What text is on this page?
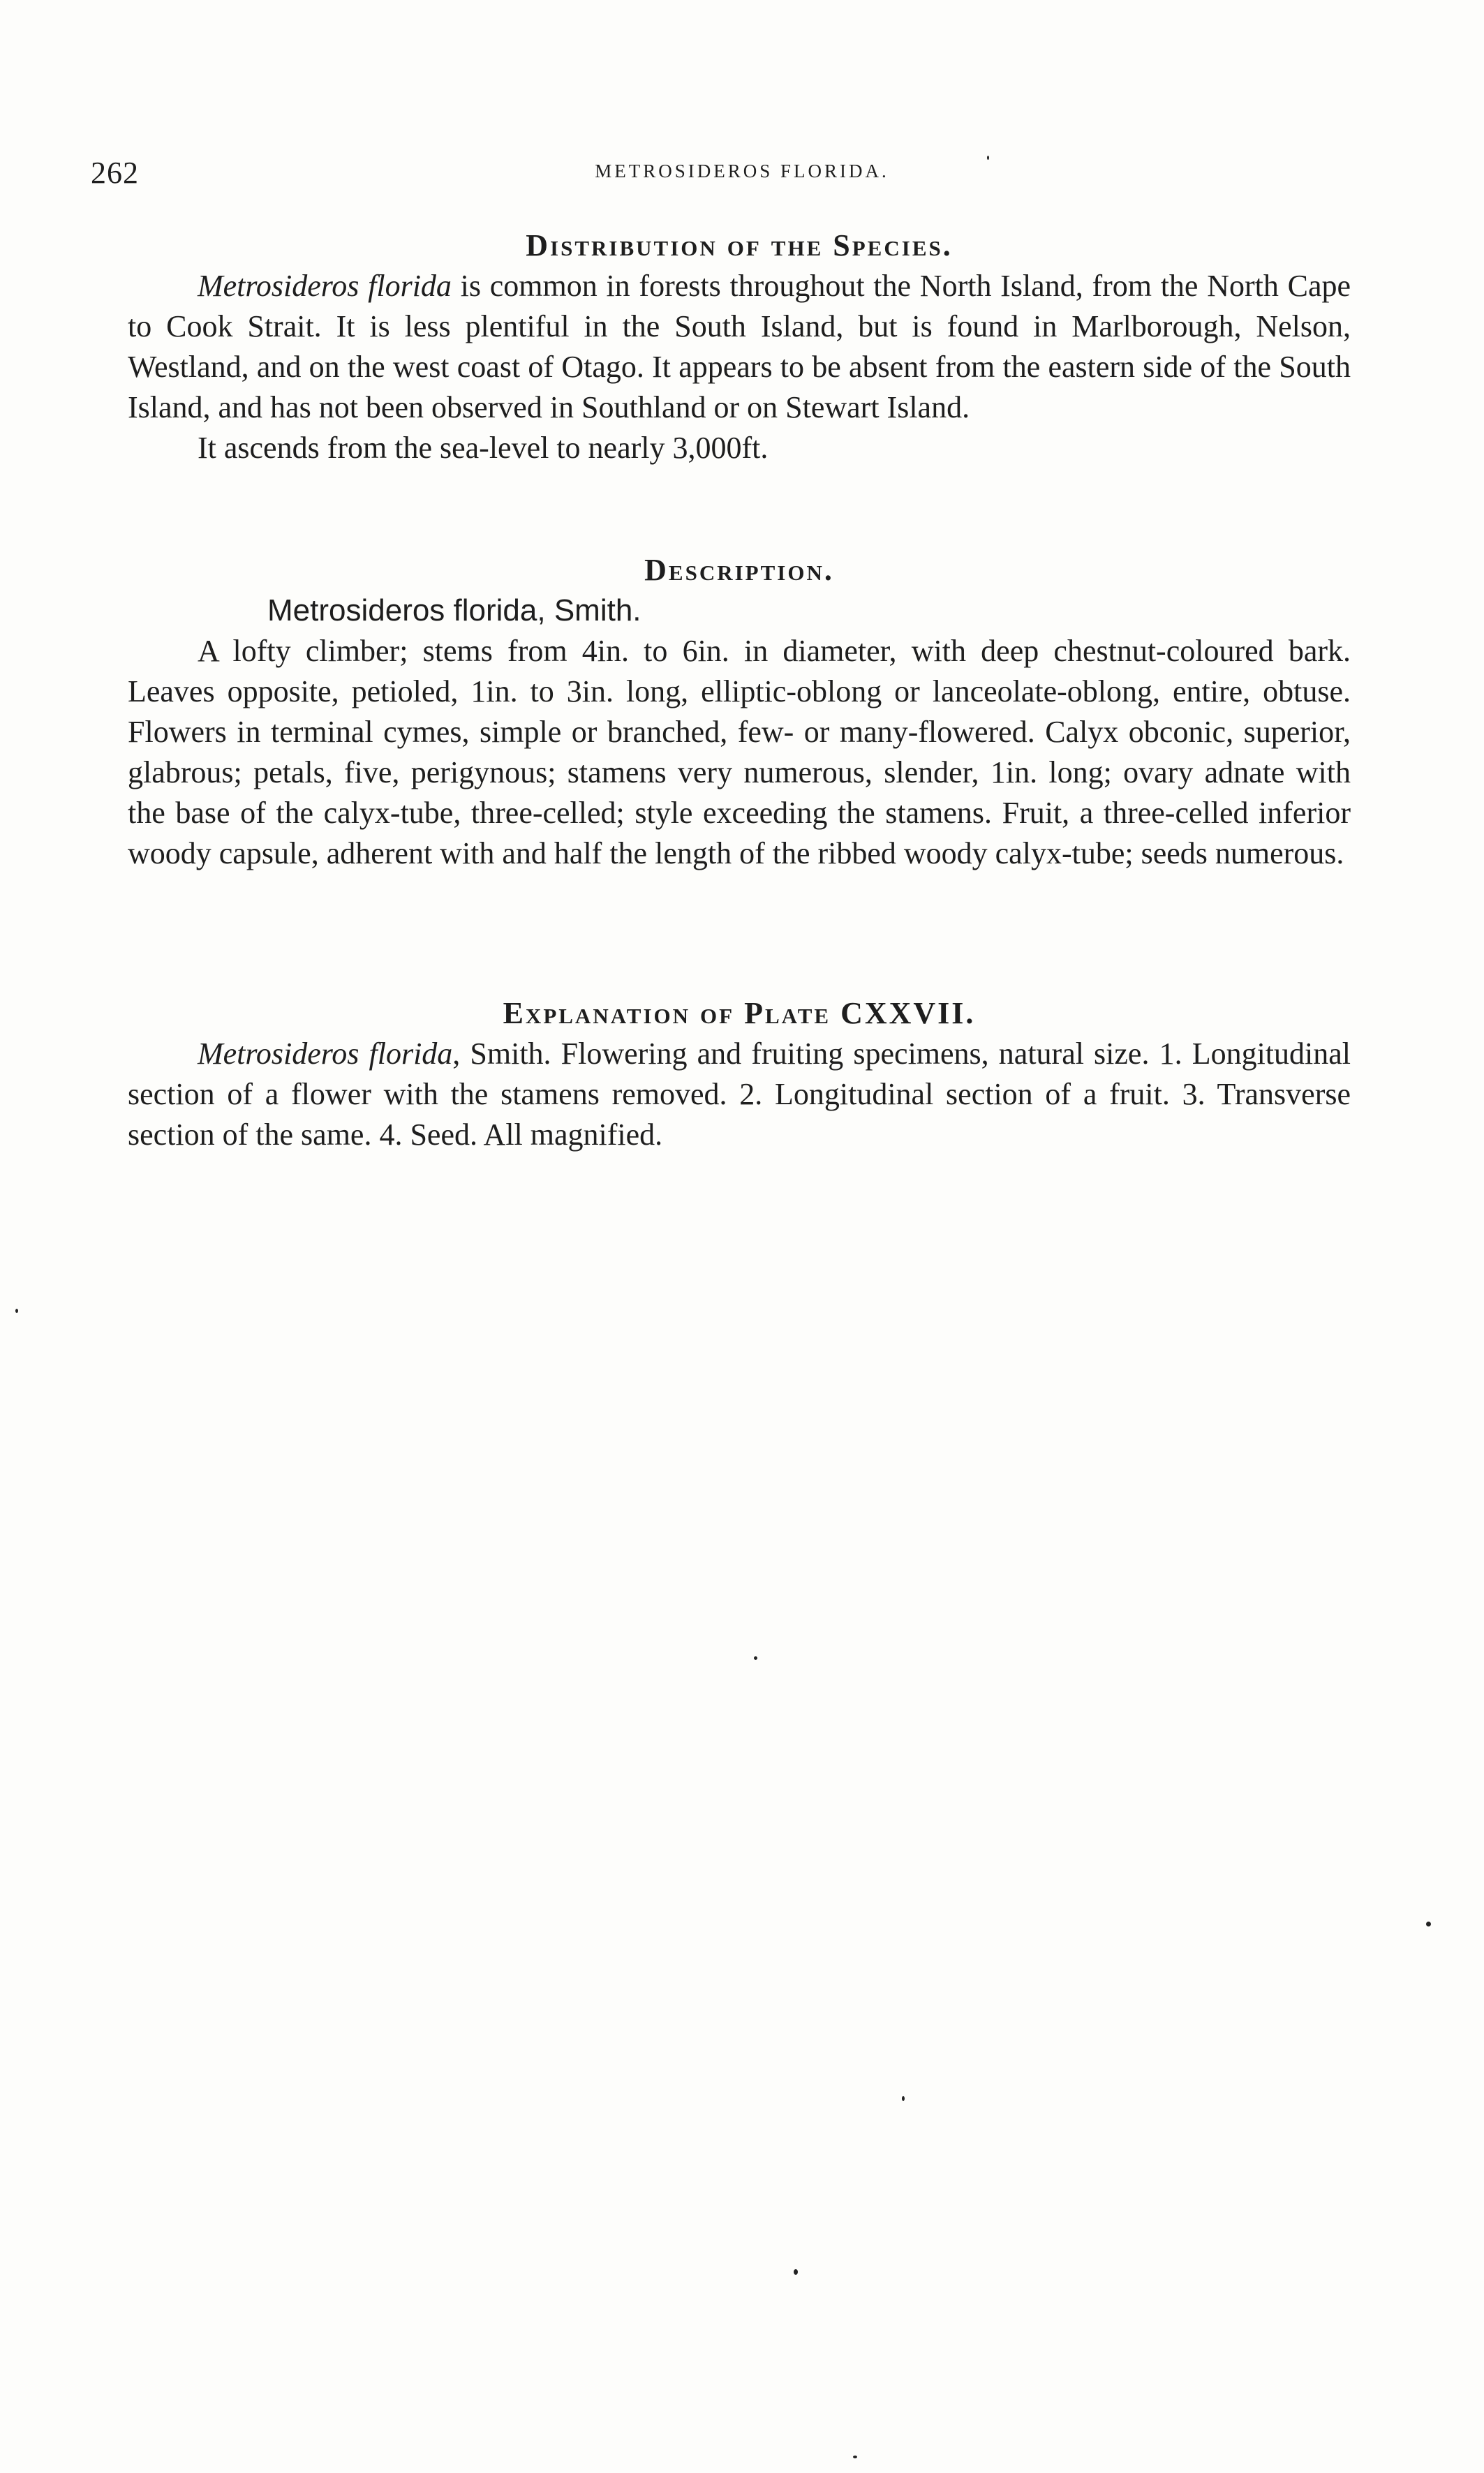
262	METROSIDEROS FLORIDA.
Distribution of the Species.

Metrosideros florida is common in forests throughout the North Island, from the North Cape to Cook Strait. It is less plentiful in the South Island, but is found in Marlborough, Nelson, Westland, and on the west coast of Otago. It appears to be absent from the eastern side of the South Island, and has not been observed in Southland or on Stewart Island.

It ascends from the sea-level to nearly 3,000ft.

Description.
Metrosideros florida, Smith.

A lofty climber; stems from 4in. to 6in. in diameter, with deep chestnut-coloured bark. Leaves opposite, petioled, 1in. to 3in. long, elliptic-oblong or lanceolate-oblong, entire, obtuse. Flowers in terminal cymes, simple or branched, few- or many-flowered. Calyx obconic, superior, glabrous; petals, five, perigynous; stamens very numerous, slender, 1in. long; ovary adnate with the base of the calyx-tube, three-celled; style exceeding the stamens. Fruit, a three-celled inferior woody capsule, adherent with and half the length of the ribbed woody calyx-tube; seeds numerous.

Explanation of Plate CXXVII.

Metrosideros florida, Smith. Flowering and fruiting specimens, natural size. 1. Longitudinal section of a flower with the stamens removed. 2. Longitudinal section of a fruit. 3. Transverse section of the same. 4. Seed. All magnified.
